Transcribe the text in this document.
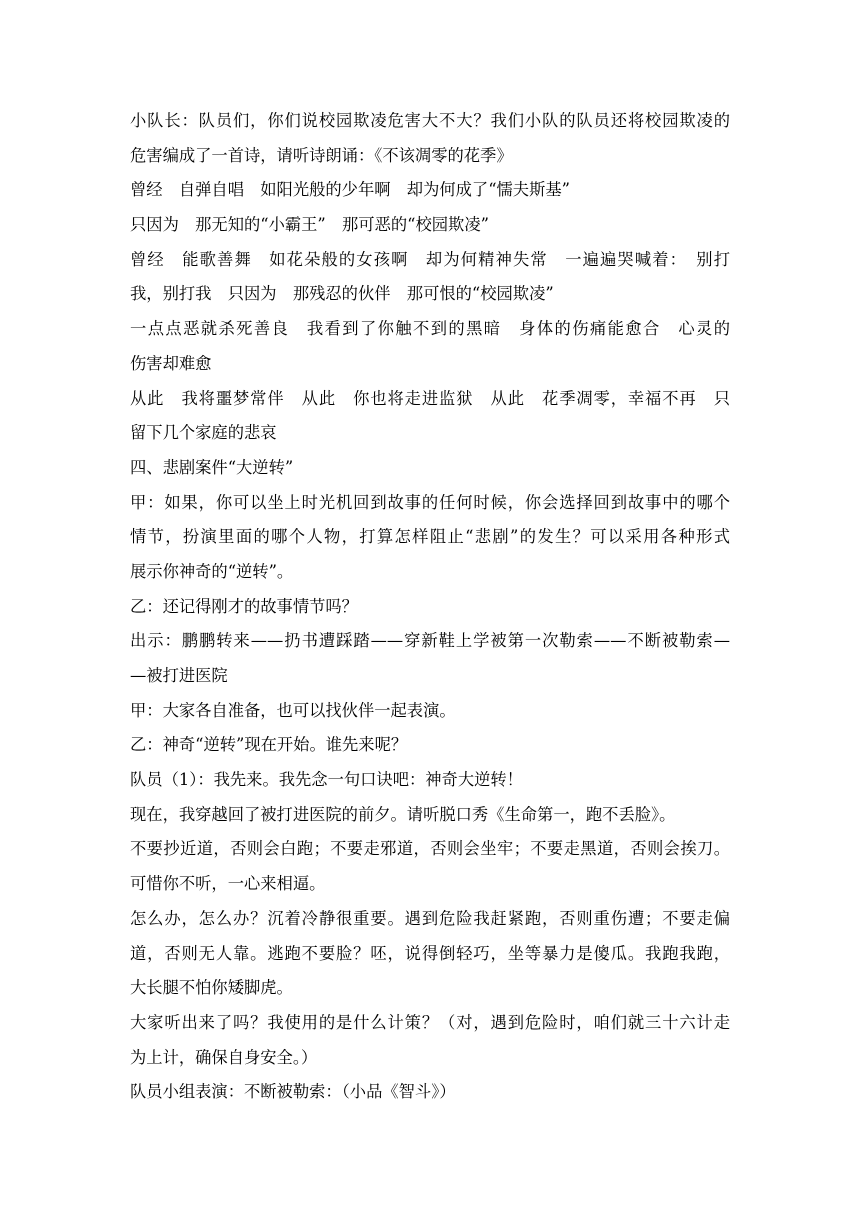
小队长：队员们，你们说校园欺凌危害大不大？我们小队的队员还将校园欺凌的
危害编成了一首诗，请听诗朗诵：《不该凋零的花季》
曾经　自弹自唱　如阳光般的少年啊　却为何成了“懦夫斯基”
只因为　那无知的“小霸王”　那可恶的“校园欺凌”
曾经　能歌善舞　如花朵般的女孩啊　却为何精神失常　一遍遍哭喊着：　别打
我，别打我　只因为　那残忍的伙伴　那可恨的“校园欺凌”
一点点恶就杀死善良　我看到了你触不到的黑暗　身体的伤痛能愈合　心灵的
伤害却难愈
从此　我将噩梦常伴　从此　你也将走进监狱　从此　花季凋零，幸福不再　只
留下几个家庭的悲哀
四、悲剧案件“大逆转”
甲：如果，你可以坐上时光机回到故事的任何时候，你会选择回到故事中的哪个
情节，扮演里面的哪个人物，打算怎样阻止“悲剧”的发生？可以采用各种形式
展示你神奇的“逆转”。
乙：还记得刚才的故事情节吗？
出示：鹏鹏转来——扔书遭踩踏——穿新鞋上学被第一次勒索——不断被勒索—
—被打进医院
甲：大家各自准备，也可以找伙伴一起表演。
乙：神奇“逆转”现在开始。谁先来呢？
队员（1）：我先来。我先念一句口诀吧：神奇大逆转！
现在，我穿越回了被打进医院的前夕。请听脱口秀《生命第一，跑不丢脸》。
不要抄近道，否则会白跑；不要走邪道，否则会坐牢；不要走黑道，否则会挨刀。
可惜你不听，一心来相逼。
怎么办，怎么办？沉着冷静很重要。遇到危险我赶紧跑，否则重伤遭；不要走偏
道，否则无人靠。逃跑不要脸？呸，说得倒轻巧，坐等暴力是傻瓜。我跑我跑，
大长腿不怕你矮脚虎。
大家听出来了吗？我使用的是什么计策？（对，遇到危险时，咱们就三十六计走
为上计，确保自身安全。）
队员小组表演：不断被勒索：（小品《智斗》）
